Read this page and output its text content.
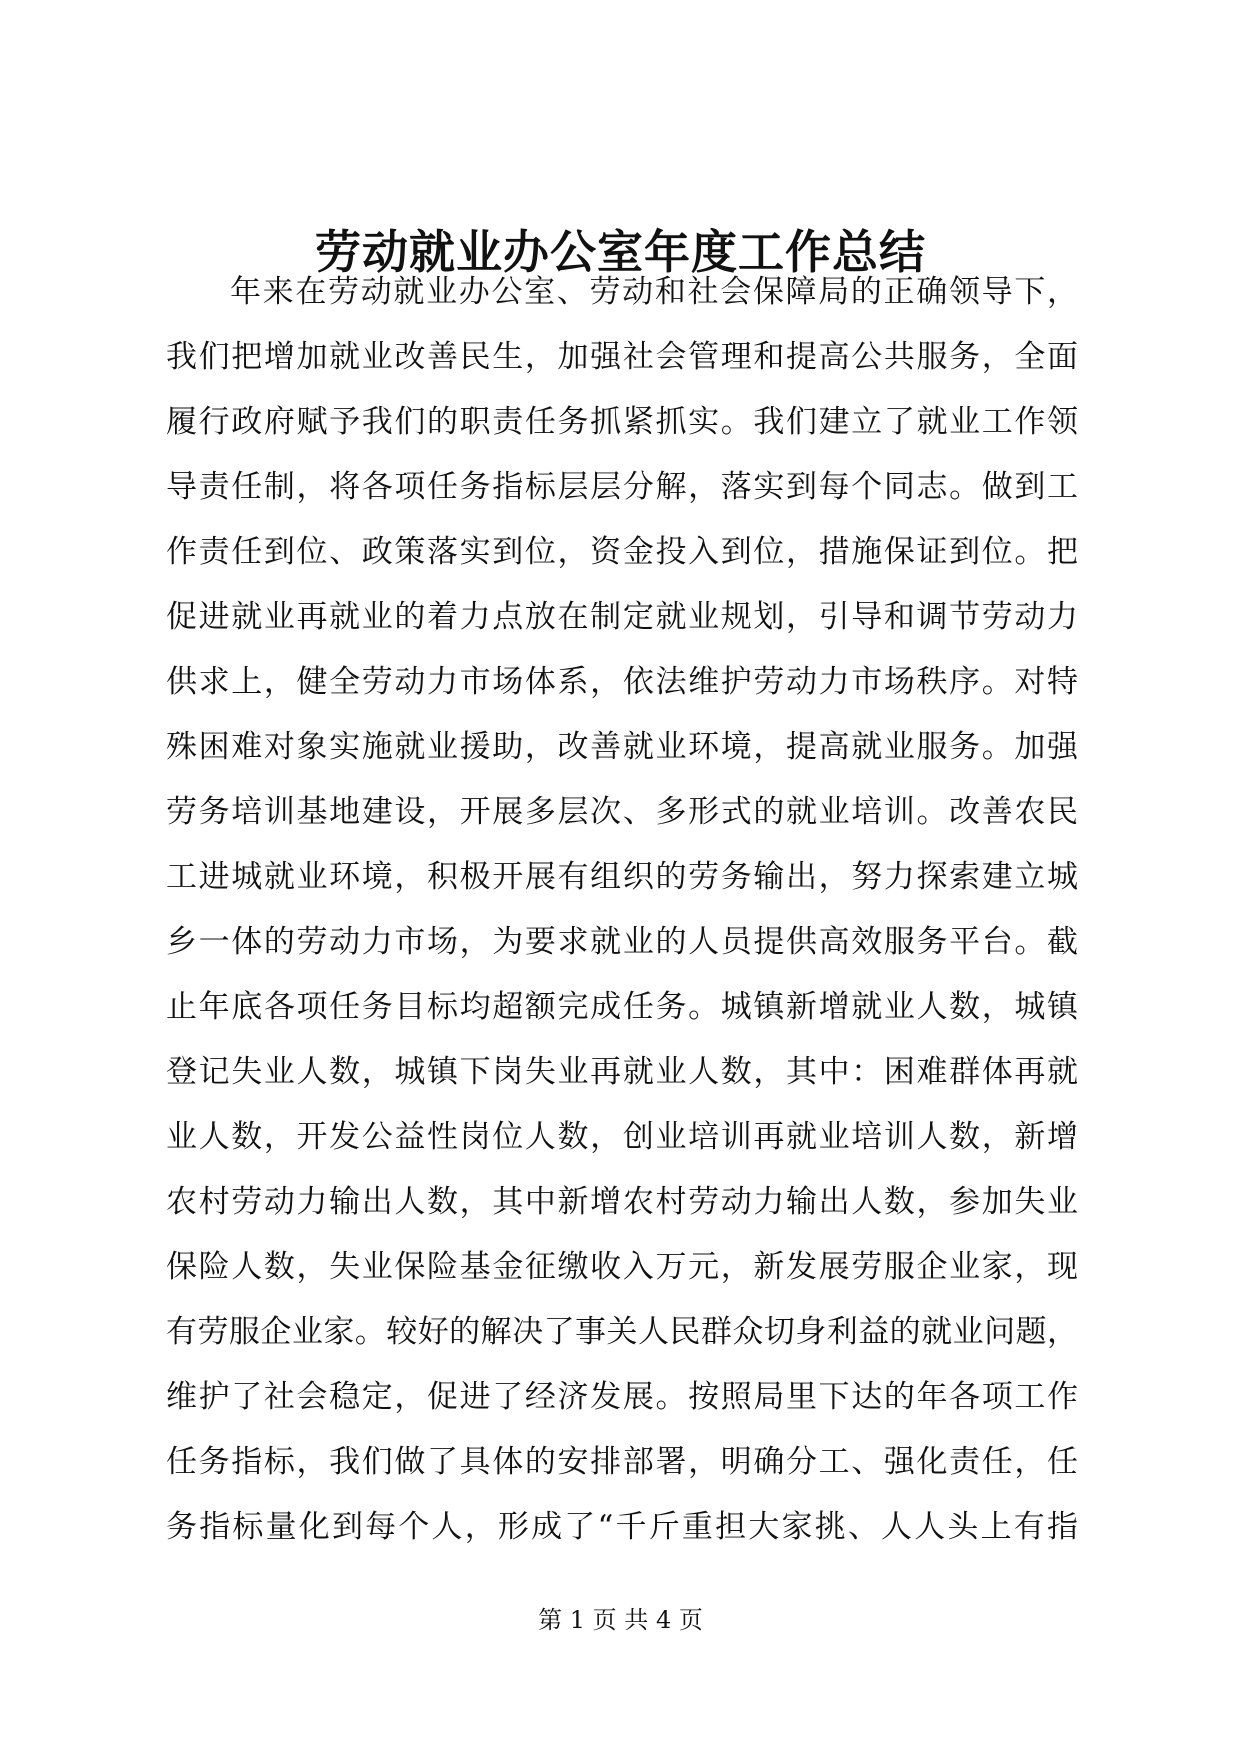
劳动就业办公室年度工作总结
年来在劳动就业办公室、劳动和社会保障局的正确领导下，
我们把增加就业改善民生，加强社会管理和提高公共服务，全面
履行政府赋予我们的职责任务抓紧抓实。我们建立了就业工作领
导责任制，将各项任务指标层层分解，落实到每个同志。做到工
作责任到位、政策落实到位，资金投入到位，措施保证到位。把
促进就业再就业的着力点放在制定就业规划，引导和调节劳动力
供求上，健全劳动力市场体系，依法维护劳动力市场秩序。对特
殊困难对象实施就业援助，改善就业环境，提高就业服务。加强
劳务培训基地建设，开展多层次、多形式的就业培训。改善农民
工进城就业环境，积极开展有组织的劳务输出，努力探索建立城
乡一体的劳动力市场，为要求就业的人员提供高效服务平台。截
止年底各项任务目标均超额完成任务。城镇新增就业人数，城镇
登记失业人数，城镇下岗失业再就业人数，其中：困难群体再就
业人数，开发公益性岗位人数，创业培训再就业培训人数，新增
农村劳动力输出人数，其中新增农村劳动力输出人数，参加失业
保险人数，失业保险基金征缴收入万元，新发展劳服企业家，现
有劳服企业家。较好的解决了事关人民群众切身利益的就业问题，
维护了社会稳定，促进了经济发展。按照局里下达的年各项工作
任务指标，我们做了具体的安排部署，明确分工、强化责任，任
务指标量化到每个人，形成了“千斤重担大家挑、人人头上有指
第 1 页 共 4 页
